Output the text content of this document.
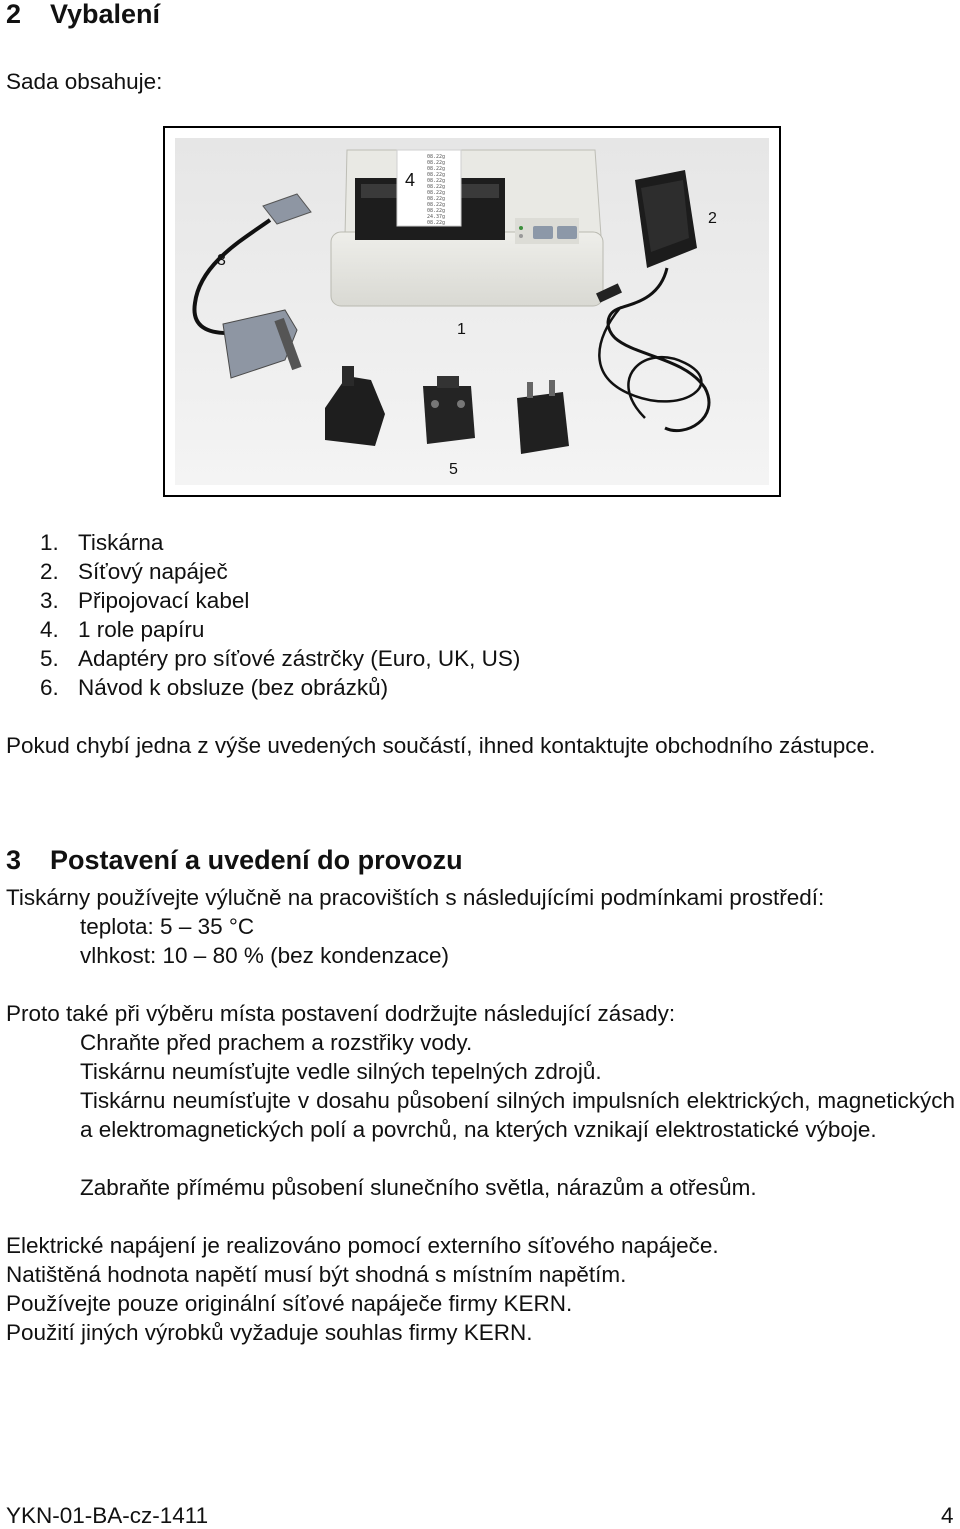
2 Vybalení
Sada obsahuje:
08.22g
08.22g
08.22g
08.22g
08.22g
08.22g
08.22g
08.22g
08.22g
08.22g
24.37g
08.22g
1
2
3
4
5
1. Tiskárna
2. Síťový napáječ
3. Připojovací kabel
4. 1 role papíru
5. Adaptéry pro síťové zástrčky (Euro, UK, US)
6. Návod k obsluze (bez obrázků)
Pokud chybí jedna z výše uvedených součástí, ihned kontaktujte obchodního zástupce.
3 Postavení a uvedení do provozu
Tiskárny používejte výlučně na pracovištích s následujícími podmínkami prostředí:
teplota: 5 – 35 °C
vlhkost: 10 – 80 % (bez kondenzace)
Proto také při výběru místa postavení dodržujte následující zásady:
Chraňte před prachem a rozstřiky vody.
Tiskárnu neumísťujte vedle silných tepelných zdrojů.
Tiskárnu neumísťujte v dosahu působení silných impulsních elektrických, magnetických a elektromagnetických polí a povrchů, na kterých vznikají elektrostatické výboje.
Zabraňte přímému působení slunečního světla, nárazům a otřesům.
Elektrické napájení je realizováno pomocí externího síťového napáječe.
Natištěná hodnota napětí musí být shodná s místním napětím.
Používejte pouze originální síťové napáječe firmy KERN.
Použití jiných výrobků vyžaduje souhlas firmy KERN.
YKN-01-BA-cz-1411	4
